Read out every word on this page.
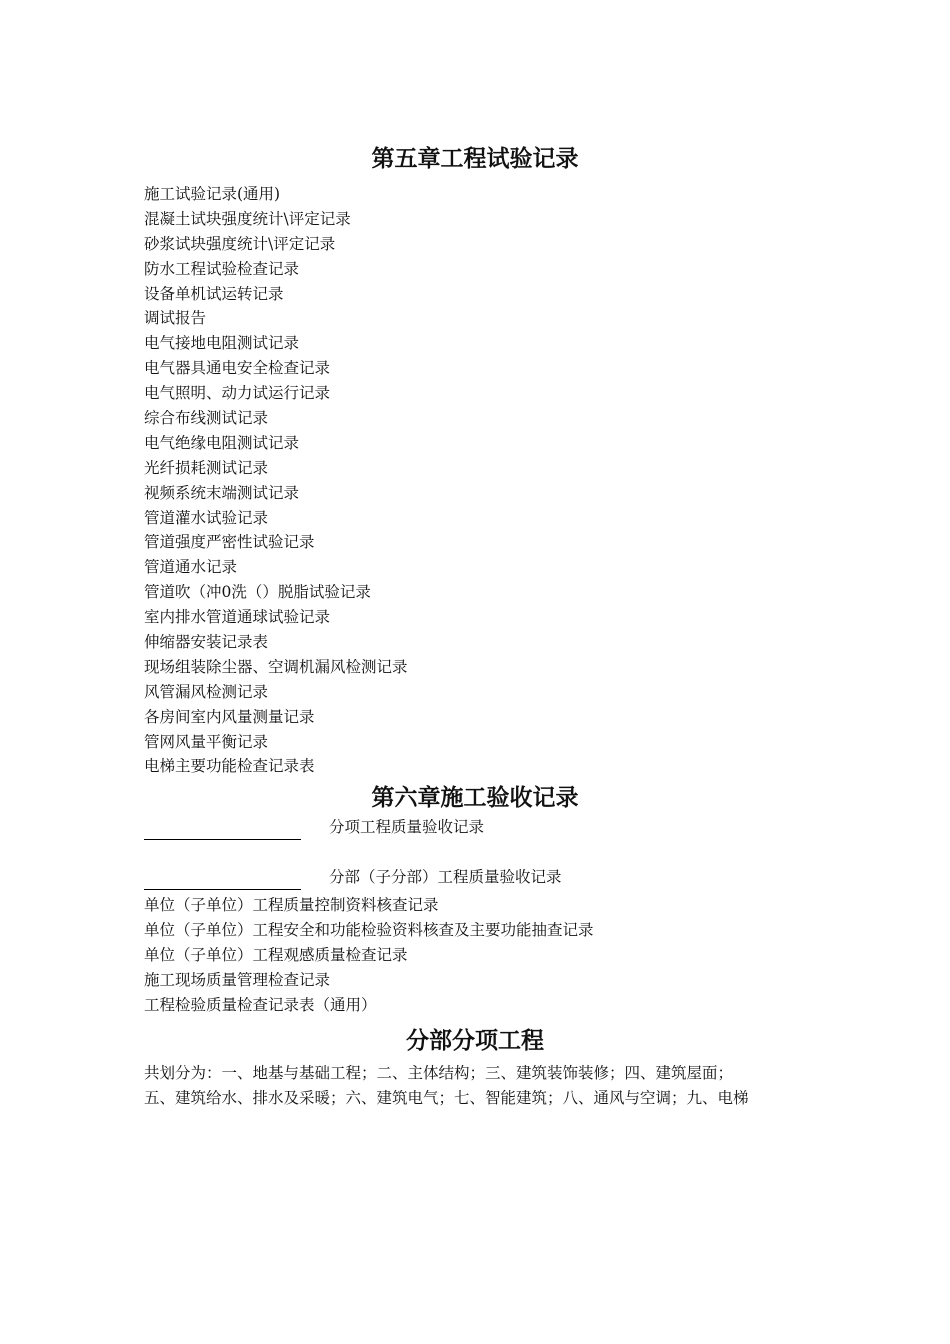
第五章工程试验记录
施工试验记录(通用)
混凝土试块强度统计\评定记录
砂浆试块强度统计\评定记录
防水工程试验检查记录
设备单机试运转记录
调试报告
电气接地电阻测试记录
电气器具通电安全检查记录
电气照明、动力试运行记录
综合布线测试记录
电气绝缘电阻测试记录
光纤损耗测试记录
视频系统末端测试记录
管道灌水试验记录
管道强度严密性试验记录
管道通水记录
管道吹（冲0洗（）脱脂试验记录
室内排水管道通球试验记录
伸缩器安装记录表
现场组装除尘器、空调机漏风检测记录
风管漏风检测记录
各房间室内风量测量记录
管网风量平衡记录
电梯主要功能检查记录表
第六章施工验收记录
分项工程质量验收记录
分部（子分部）工程质量验收记录
单位（子单位）工程质量控制资料核查记录
单位（子单位）工程安全和功能检验资料核查及主要功能抽查记录
单位（子单位）工程观感质量检查记录
施工现场质量管理检查记录
工程检验质量检查记录表（通用）
分部分项工程

共划分为：一、地基与基础工程；二、主体结构；三、建筑装饰装修；四、建筑屋面；
五、建筑给水、排水及采暖；六、建筑电气；七、智能建筑；八、通风与空调；九、电梯
